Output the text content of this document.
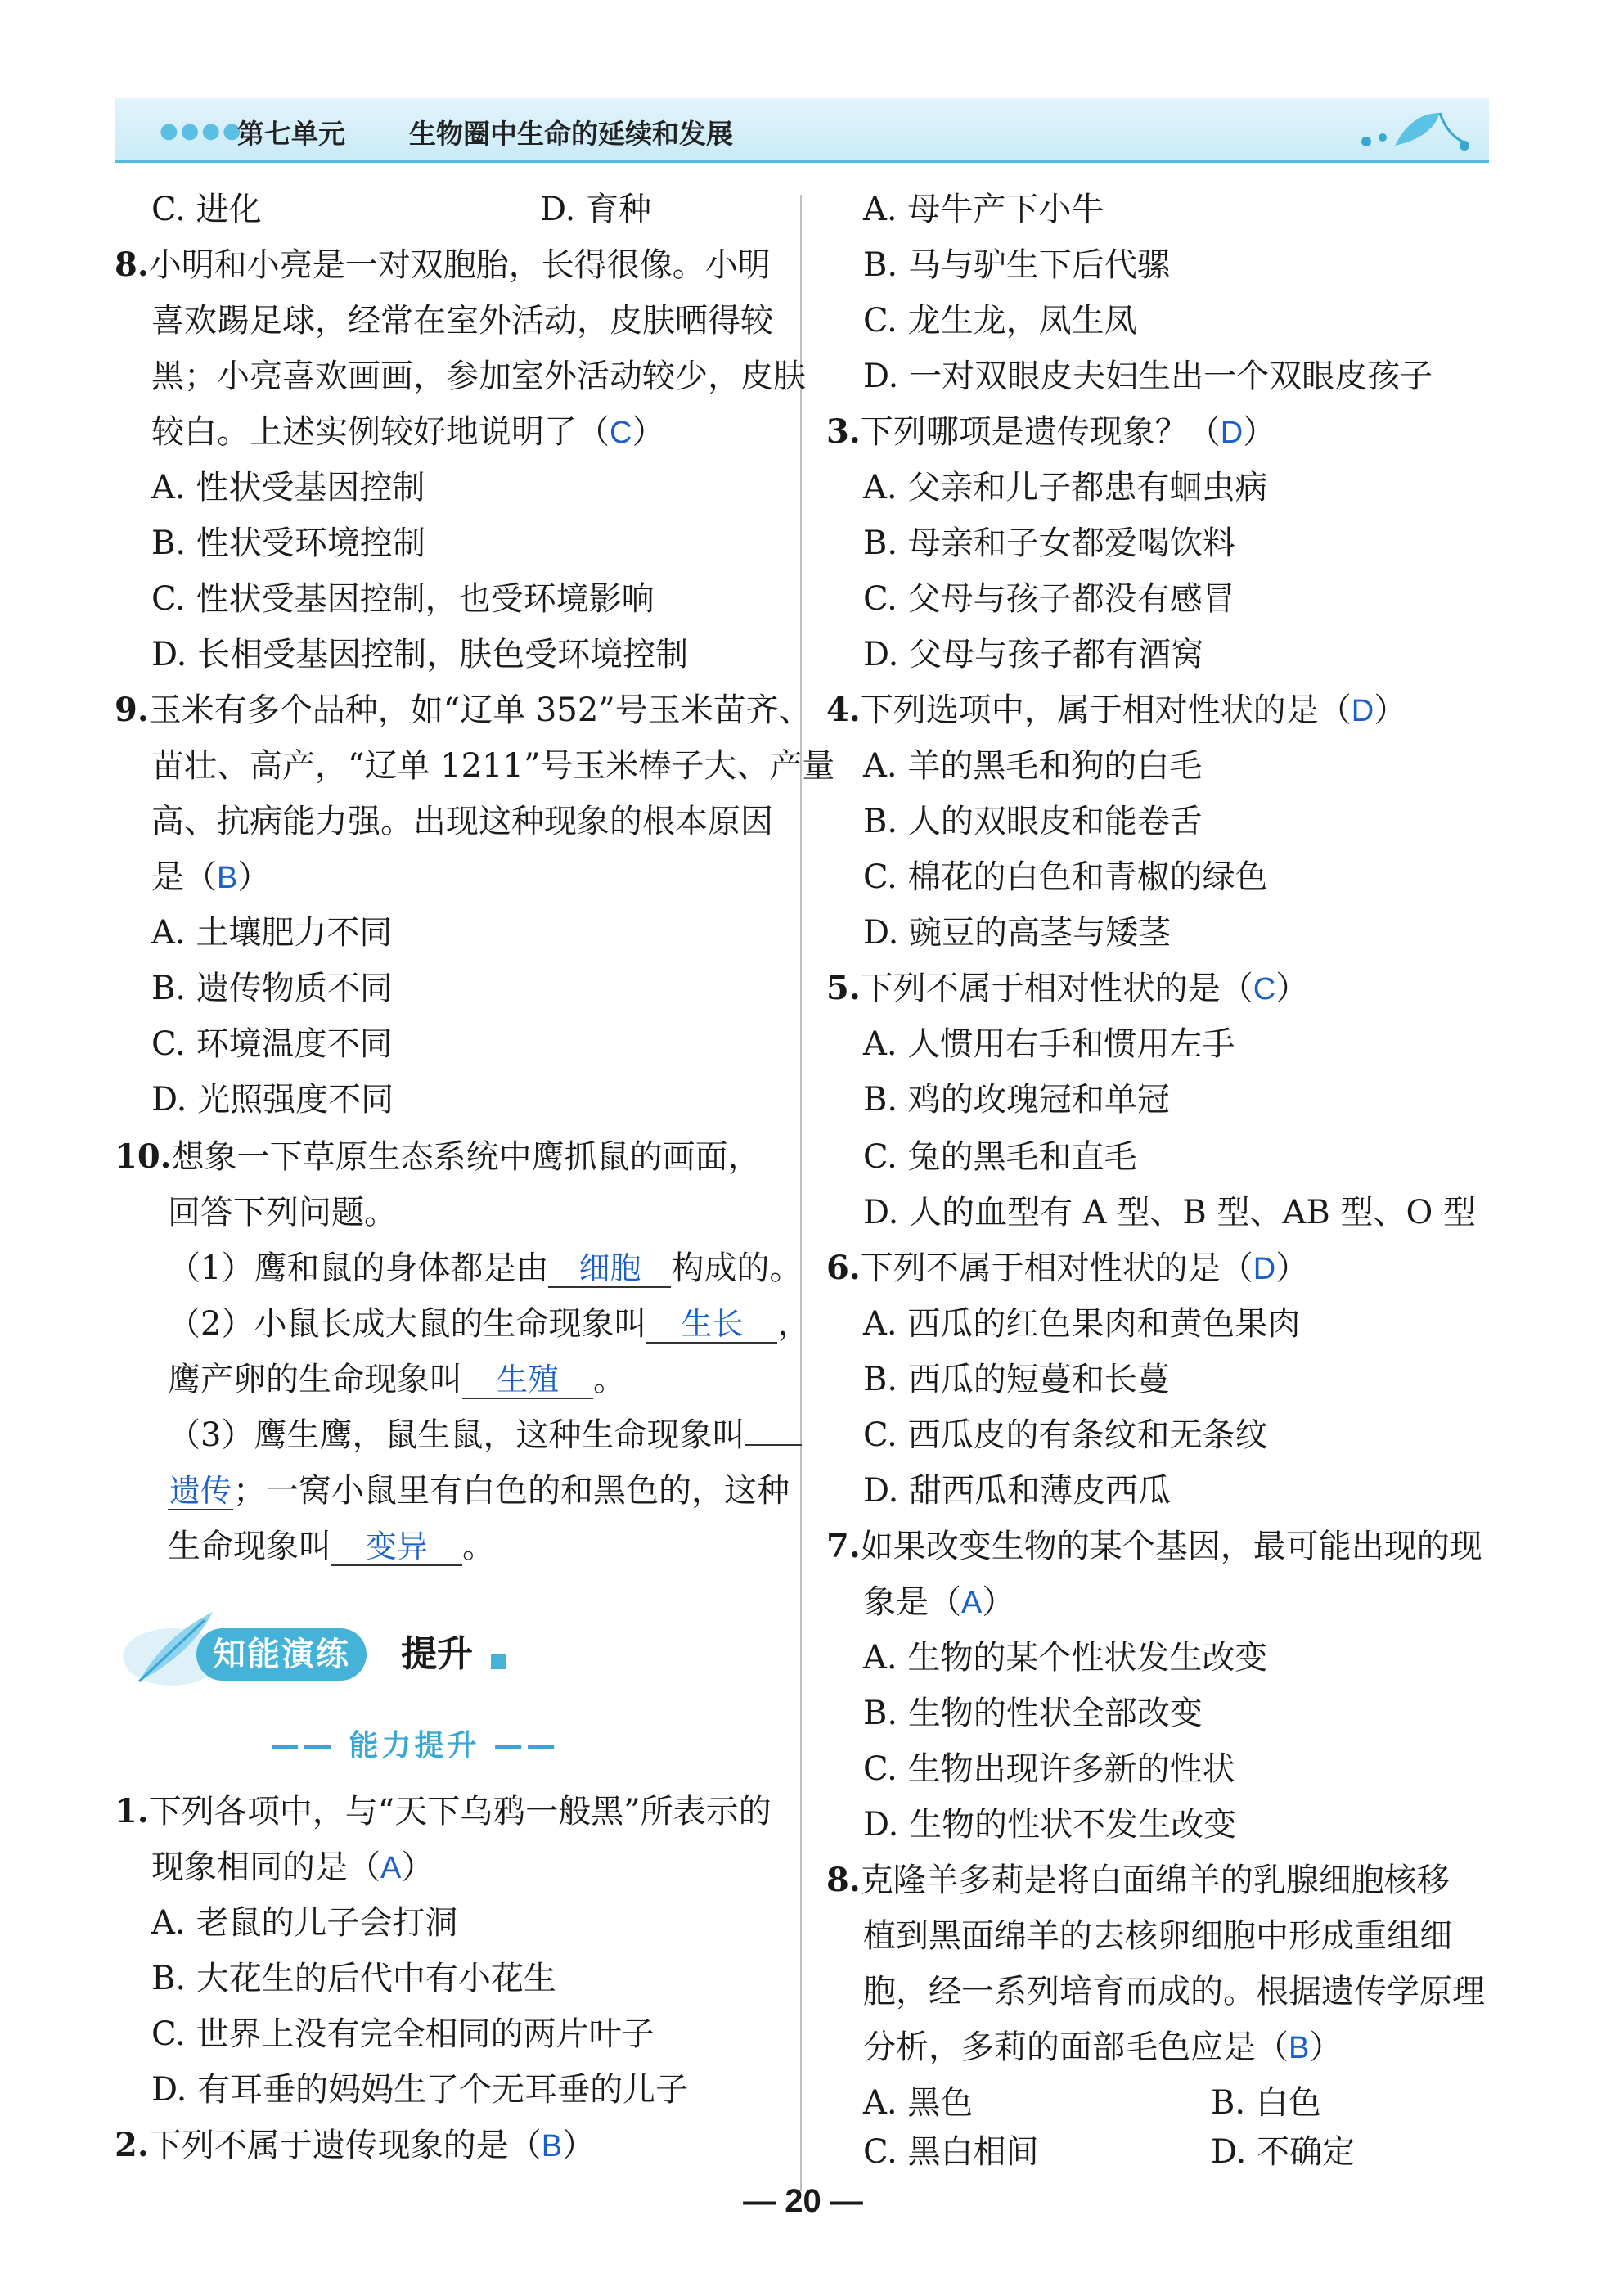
●●●●
第七单元 生物圈中生命的延续和发展
C. 进化	D. 育种
8.小明和小亮是一对双胞胎，长得很像。小明
喜欢踢足球，经常在室外活动，皮肤晒得较
黑；小亮喜欢画画，参加室外活动较少，皮肤
较白。上述实例较好地说明了（C）
A. 性状受基因控制
B. 性状受环境控制
C. 性状受基因控制，也受环境影响
D. 长相受基因控制，肤色受环境控制
9.玉米有多个品种，如“辽单 352”号玉米苗齐、
苗壮、高产，“辽单 1211”号玉米棒子大、产量
高、抗病能力强。出现这种现象的根本原因
是（B）
A. 土壤肥力不同
B. 遗传物质不同
C. 环境温度不同
D. 光照强度不同
10.想象一下草原生态系统中鹰抓鼠的画面，
回答下列问题。
（1）鹰和鼠的身体都是由 细胞 构成的。
（2）小鼠长成大鼠的生命现象叫 生长 ，
鹰产卵的生命现象叫 生殖 。
（3）鹰生鹰，鼠生鼠，这种生命现象叫
遗传；一窝小鼠里有白色的和黑色的，这种
生命现象叫 变异 。
知能演练	提升
—— 能力提升 ——
1.下列各项中，与“天下乌鸦一般黑”所表示的
现象相同的是（A）
A. 老鼠的儿子会打洞
B. 大花生的后代中有小花生
C. 世界上没有完全相同的两片叶子
D. 有耳垂的妈妈生了个无耳垂的儿子
2.下列不属于遗传现象的是（B）
A. 母牛产下小牛
B. 马与驴生下后代骡
C. 龙生龙，凤生凤
D. 一对双眼皮夫妇生出一个双眼皮孩子
3.下列哪项是遗传现象？（D）
A. 父亲和儿子都患有蛔虫病
B. 母亲和子女都爱喝饮料
C. 父母与孩子都没有感冒
D. 父母与孩子都有酒窝
4.下列选项中，属于相对性状的是（D）
A. 羊的黑毛和狗的白毛
B. 人的双眼皮和能卷舌
C. 棉花的白色和青椒的绿色
D. 豌豆的高茎与矮茎
5.下列不属于相对性状的是（C）
A. 人惯用右手和惯用左手
B. 鸡的玫瑰冠和单冠
C. 兔的黑毛和直毛
D. 人的血型有 A 型、B 型、AB 型、O 型
6.下列不属于相对性状的是（D）
A. 西瓜的红色果肉和黄色果肉
B. 西瓜的短蔓和长蔓
C. 西瓜皮的有条纹和无条纹
D. 甜西瓜和薄皮西瓜
7.如果改变生物的某个基因，最可能出现的现
象是（A）
A. 生物的某个性状发生改变
B. 生物的性状全部改变
C. 生物出现许多新的性状
D. 生物的性状不发生改变
8.克隆羊多莉是将白面绵羊的乳腺细胞核移
植到黑面绵羊的去核卵细胞中形成重组细
胞，经一系列培育而成的。根据遗传学原理
分析，多莉的面部毛色应是（B）
A. 黑色	B. 白色
C. 黑白相间	D. 不确定
— 20 —
